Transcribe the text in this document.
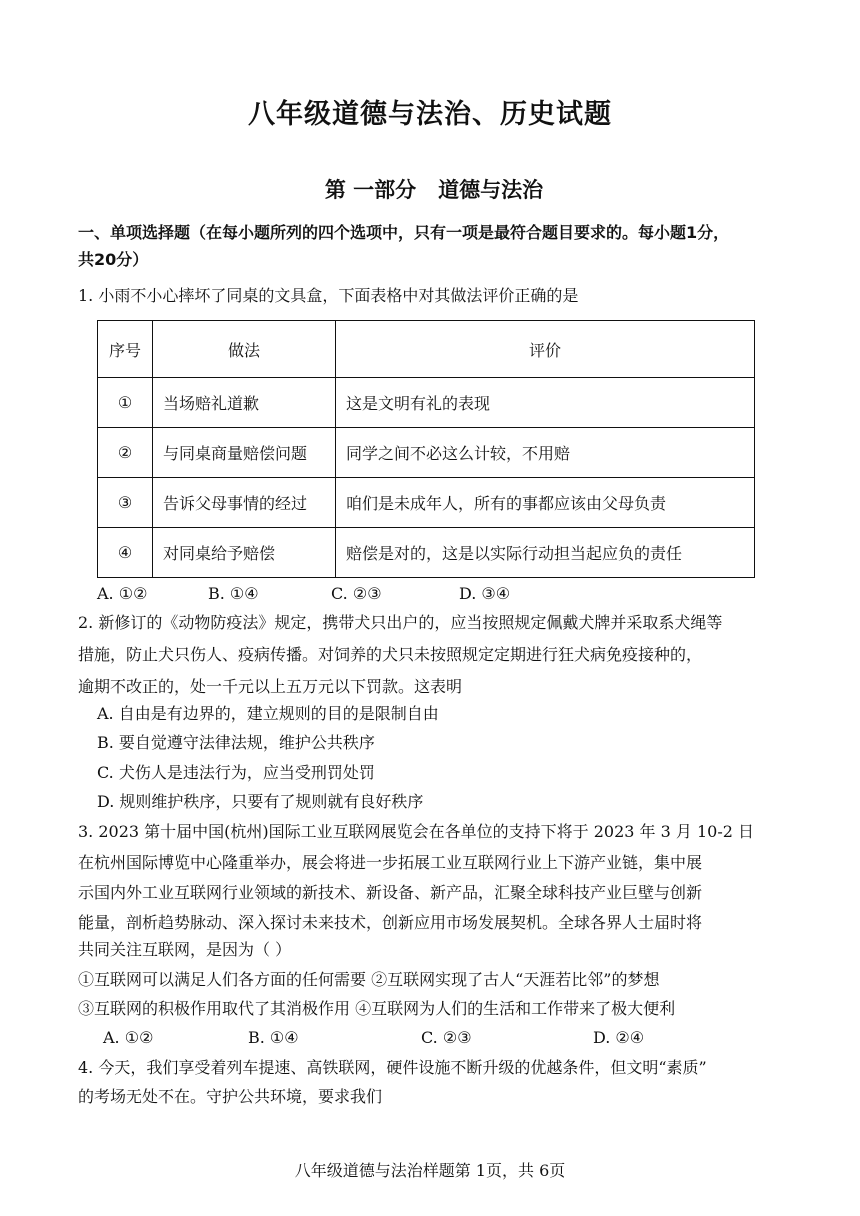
八年级道德与法治、历史试题
第 一部分   道德与法治
一、单项选择题（在每小题所列的四个选项中，只有一项是最符合题目要求的。每小题1分，
共20分）
1. 小雨不小心摔坏了同桌的文具盒，下面表格中对其做法评价正确的是
序号	做法	评价
①	当场赔礼道歉	这是文明有礼的表现
②	与同桌商量赔偿问题	同学之间不必这么计较，不用赔
③	告诉父母事情的经过	咱们是未成年人，所有的事都应该由父母负责
④	对同桌给予赔偿	赔偿是对的，这是以实际行动担当起应负的责任
A. ①②	B. ①④	C. ②③	D. ③④
2. 新修订的《动物防疫法》规定，携带犬只出户的，应当按照规定佩戴犬牌并采取系犬绳等
措施，防止犬只伤人、疫病传播。对饲养的犬只未按照规定定期进行狂犬病免疫接种的，
逾期不改正的，处一千元以上五万元以下罚款。这表明
A. 自由是有边界的，建立规则的目的是限制自由
B. 要自觉遵守法律法规，维护公共秩序
C. 犬伤人是违法行为，应当受刑罚处罚
D. 规则维护秩序，只要有了规则就有良好秩序
3. 2023 第十届中国(杭州)国际工业互联网展览会在各单位的支持下将于 2023 年 3 月 10-2 日
在杭州国际博览中心隆重举办，展会将进一步拓展工业互联网行业上下游产业链，集中展
示国内外工业互联网行业领域的新技术、新设备、新产品，汇聚全球科技产业巨壁与创新
能量，剖析趋势脉动、深入探讨未来技术，创新应用市场发展契机。全球各界人士届时将
共同关注互联网，是因为（ ）
①互联网可以满足人们各方面的任何需要 ②互联网实现了古人“天涯若比邻”的梦想
③互联网的积极作用取代了其消极作用 ④互联网为人们的生活和工作带来了极大便利
A. ①②	B. ①④	C. ②③	D. ②④
4. 今天，我们享受着列车提速、高铁联网，硬件设施不断升级的优越条件，但文明“素质”
的考场无处不在。守护公共环境，要求我们
八年级道德与法治样题第 1页，共 6页
